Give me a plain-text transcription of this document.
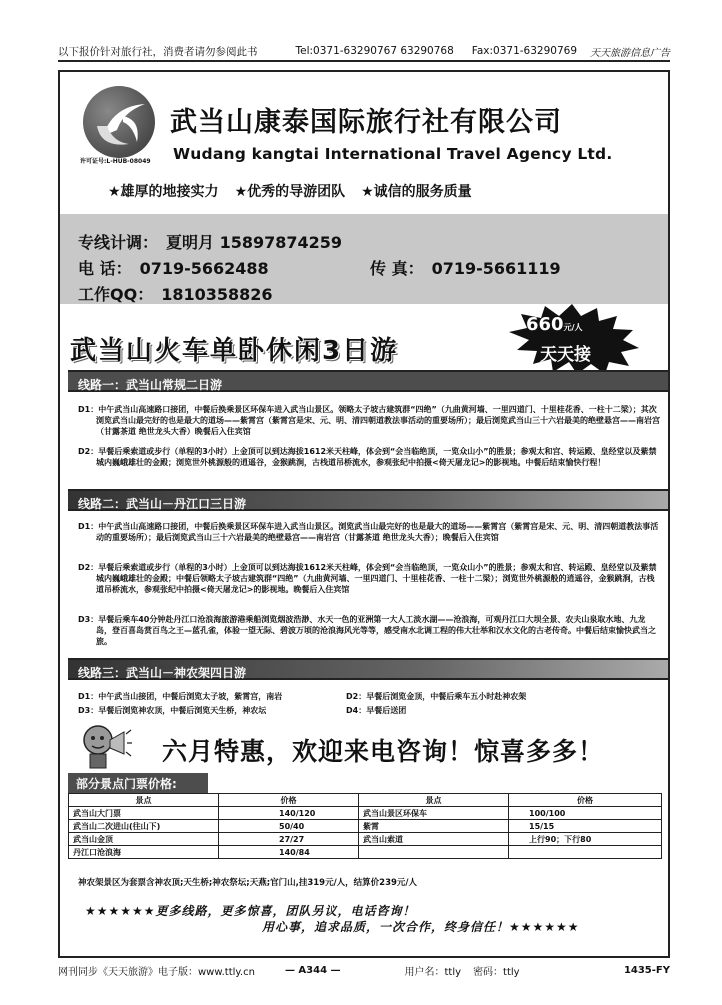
以下报价针对旅行社，消费者请勿参阅此书	Tel:0371-63290767 63290768 Fax:0371-63290769 天天旅游信息广告
许可证号:L-HUB-08049
武当山康泰国际旅行社有限公司
Wudang kangtai International Travel Agency Ltd.
★雄厚的地接实力 ★优秀的导游团队 ★诚信的服务质量
专线计调： 夏明月 15897874259
电 话： 0719-5662488	传 真： 0719-5661119
工作QQ： 1810358826
武当山火车单卧休闲3日游
660元/人
天天接
线路一：武当山常规二日游
D1：中午武当山高速路口接团，中餐后换乘景区环保车进入武当山景区。领略太子坡古建筑群“四绝”（九曲黄河墙、一里四道门、十里桂花香、一柱十二梁）；其次浏览武当山最完好的也是最大的道场——紫霄宫（紫霄宫是宋、元、明、清四朝道教法事活动的重要场所）；最后浏览武当山三十六岩最美的绝壁悬宫——南岩宫（甘露茶道 绝世龙头大香）晚餐后入住宾馆
D2：早餐后乘索道或步行（单程的3小时）上金顶可以到达海拔1612米天柱峰，体会到“会当临绝顶，一览众山小”的胜景；参观太和宫、转运殿、皇经堂以及紫禁城内巍峨雄壮的金殿；浏览世外桃源般的逍遥谷，金猴跳涧，古栈道吊桥流水，参观张纪中拍摄<倚天屠龙记>的影视地。中餐后结束愉快行程！
线路二：武当山－丹江口三日游
D1：中午武当山高速路口接团，中餐后换乘景区环保车进入武当山景区。浏览武当山最完好的也是最大的道场——紫霄宫（紫霄宫是宋、元、明、清四朝道教法事活动的重要场所）；最后浏览武当山三十六岩最美的绝壁悬宫——南岩宫（甘露茶道 绝世龙头大香）；晚餐后入住宾馆
D2：早餐后乘索道或步行（单程的3小时）上金顶可以到达海拔1612米天柱峰，体会到“会当临绝顶，一览众山小”的胜景；参观太和宫、转运殿、皇经堂以及紫禁城内巍峨雄壮的金殿；中餐后领略太子坡古建筑群“四绝”（九曲黄河墙、一里四道门、十里桂花香、一柱十二梁）；浏览世外桃源般的逍遥谷，金猴跳涧，古栈道吊桥流水，参观张纪中拍摄<倚天屠龙记>的影视地。晚餐后入住宾馆
D3：早餐后乘车40分钟赴丹江口沧浪海旅游港乘船浏览烟波浩渺、水天一色的亚洲第一大人工淡水湖——沧浪海，可观丹江口大坝全景、农夫山泉取水地、九龙岛，登百喜岛赏百鸟之王—蓝孔雀，体验一望无际、碧波万顷的沧浪海风光等等，感受南水北调工程的伟大壮举和汉水文化的古老传奇。中餐后结束愉快武当之旅。
线路三：武当山－神农架四日游
D1：中午武当山接团，中餐后浏览太子坡，紫霄宫，南岩	D2：早餐后浏览金顶，中餐后乘车五小时赴神农架
D3：早餐后浏览神农顶，中餐后浏览天生桥，神农坛	D4：早餐后送团
六月特惠，欢迎来电咨询！惊喜多多！
部分景点门票价格:
景点	价格	景点	价格
武当山大门票	140/120	武当山景区环保车	100/100
武当山二次进山(往山下)	50/40	紫霄	15/15
武当山金顶	27/27	武当山索道	上行90；下行80
丹江口沧浪海	140/84		
神农架景区为套票含神农顶;天生桥;神农祭坛;天燕;官门山,挂319元/人，结算价239元/人
★★★★★★更多线路，更多惊喜，团队另议，电话咨询！
用心事，追求品质，一次合作，终身信任！★★★★★★
网刊同步《天天旅游》电子版：www.ttly.cn	— A344 —	用户名：ttly 密码：ttly	1435-FY
